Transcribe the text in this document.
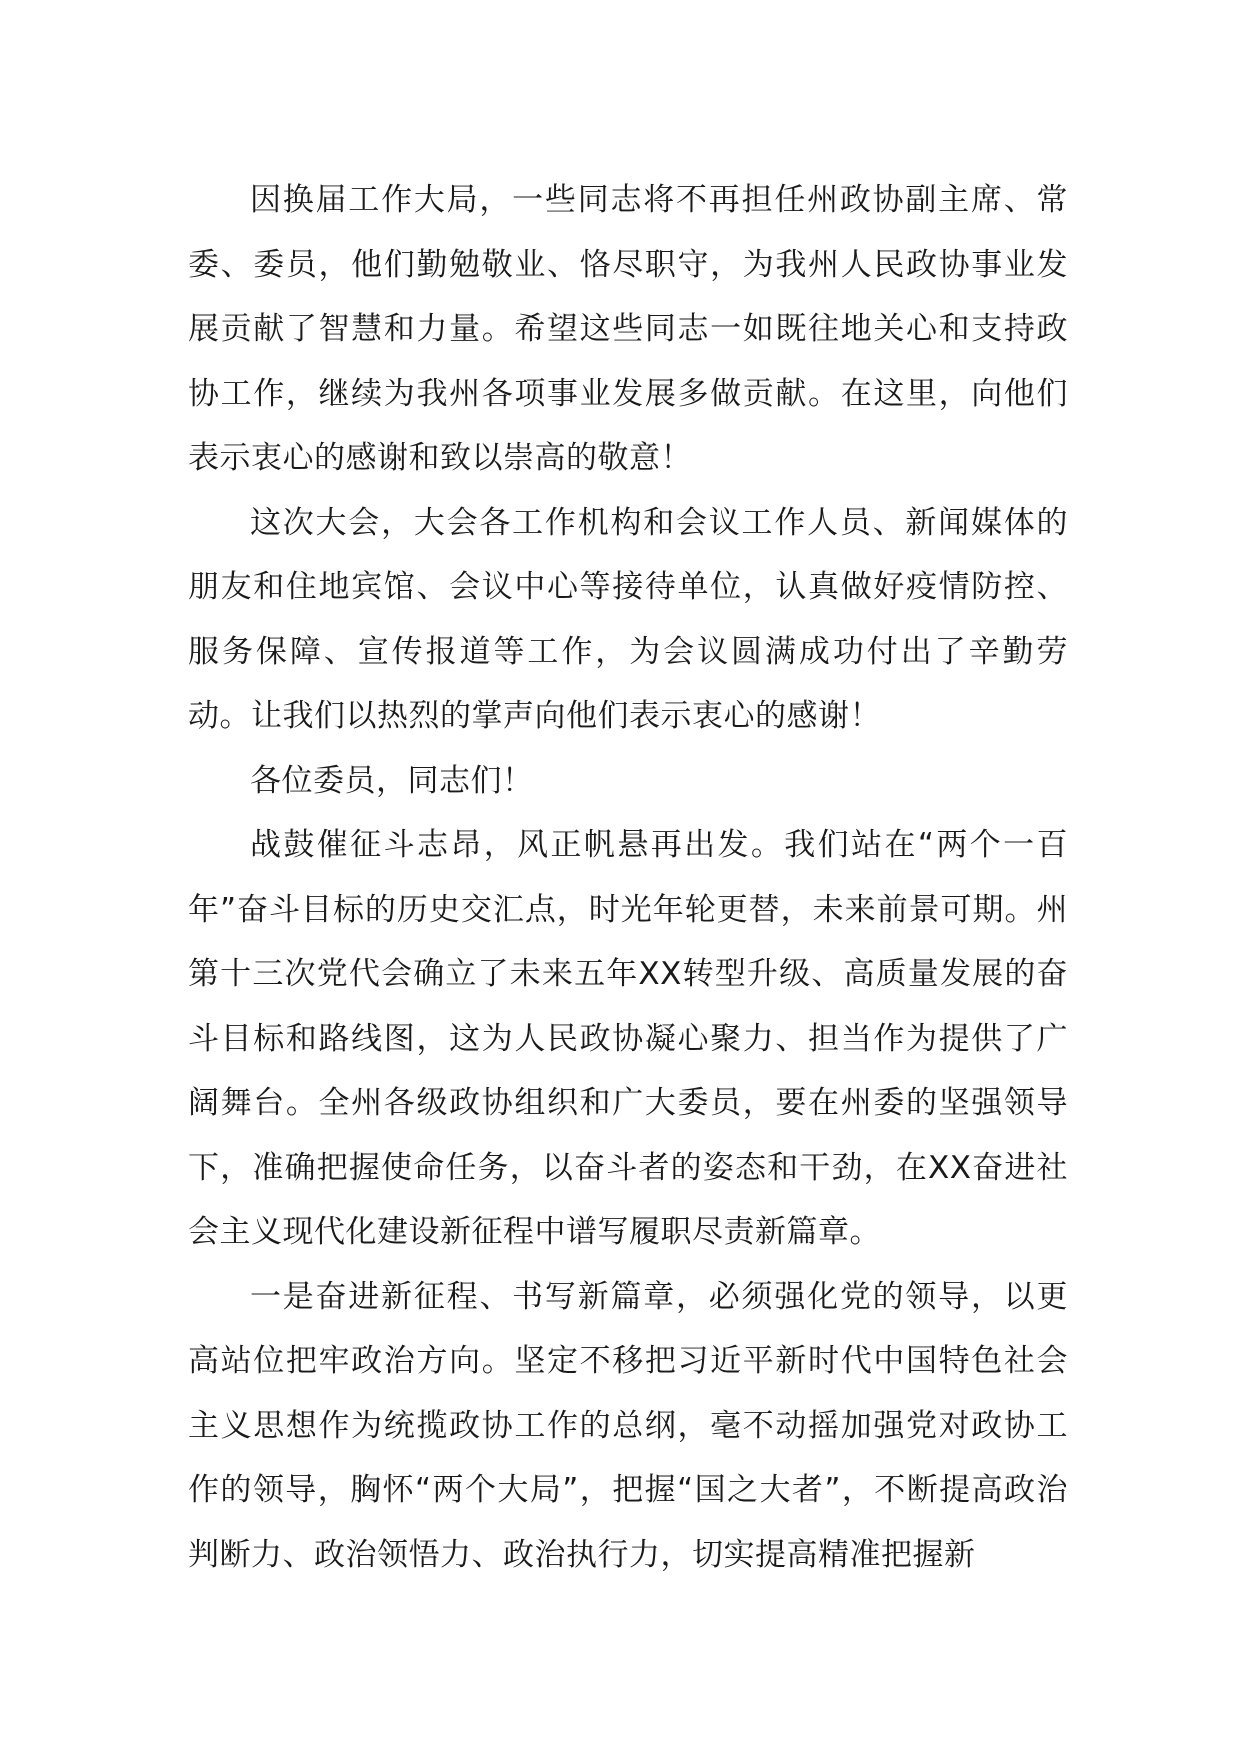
因换届工作大局，一些同志将不再担任州政协副主席、常委、委员，他们勤勉敬业、恪尽职守，为我州人民政协事业发展贡献了智慧和力量。希望这些同志一如既往地关心和支持政协工作，继续为我州各项事业发展多做贡献。在这里，向他们表示衷心的感谢和致以崇高的敬意！

这次大会，大会各工作机构和会议工作人员、新闻媒体的朋友和住地宾馆、会议中心等接待单位，认真做好疫情防控、服务保障、宣传报道等工作，为会议圆满成功付出了辛勤劳动。让我们以热烈的掌声向他们表示衷心的感谢！

各位委员，同志们！

战鼓催征斗志昂，风正帆悬再出发。我们站在“两个一百年”奋斗目标的历史交汇点，时光年轮更替，未来前景可期。州第十三次党代会确立了未来五年XX转型升级、高质量发展的奋斗目标和路线图，这为人民政协凝心聚力、担当作为提供了广阔舞台。全州各级政协组织和广大委员，要在州委的坚强领导下，准确把握使命任务，以奋斗者的姿态和干劲，在XX奋进社会主义现代化建设新征程中谱写履职尽责新篇章。

一是奋进新征程、书写新篇章，必须强化党的领导，以更高站位把牢政治方向。坚定不移把习近平新时代中国特色社会主义思想作为统揽政协工作的总纲，毫不动摇加强党对政协工作的领导，胸怀“两个大局”，把握“国之大者”，不断提高政治判断力、政治领悟力、政治执行力，切实提高精准把握新
